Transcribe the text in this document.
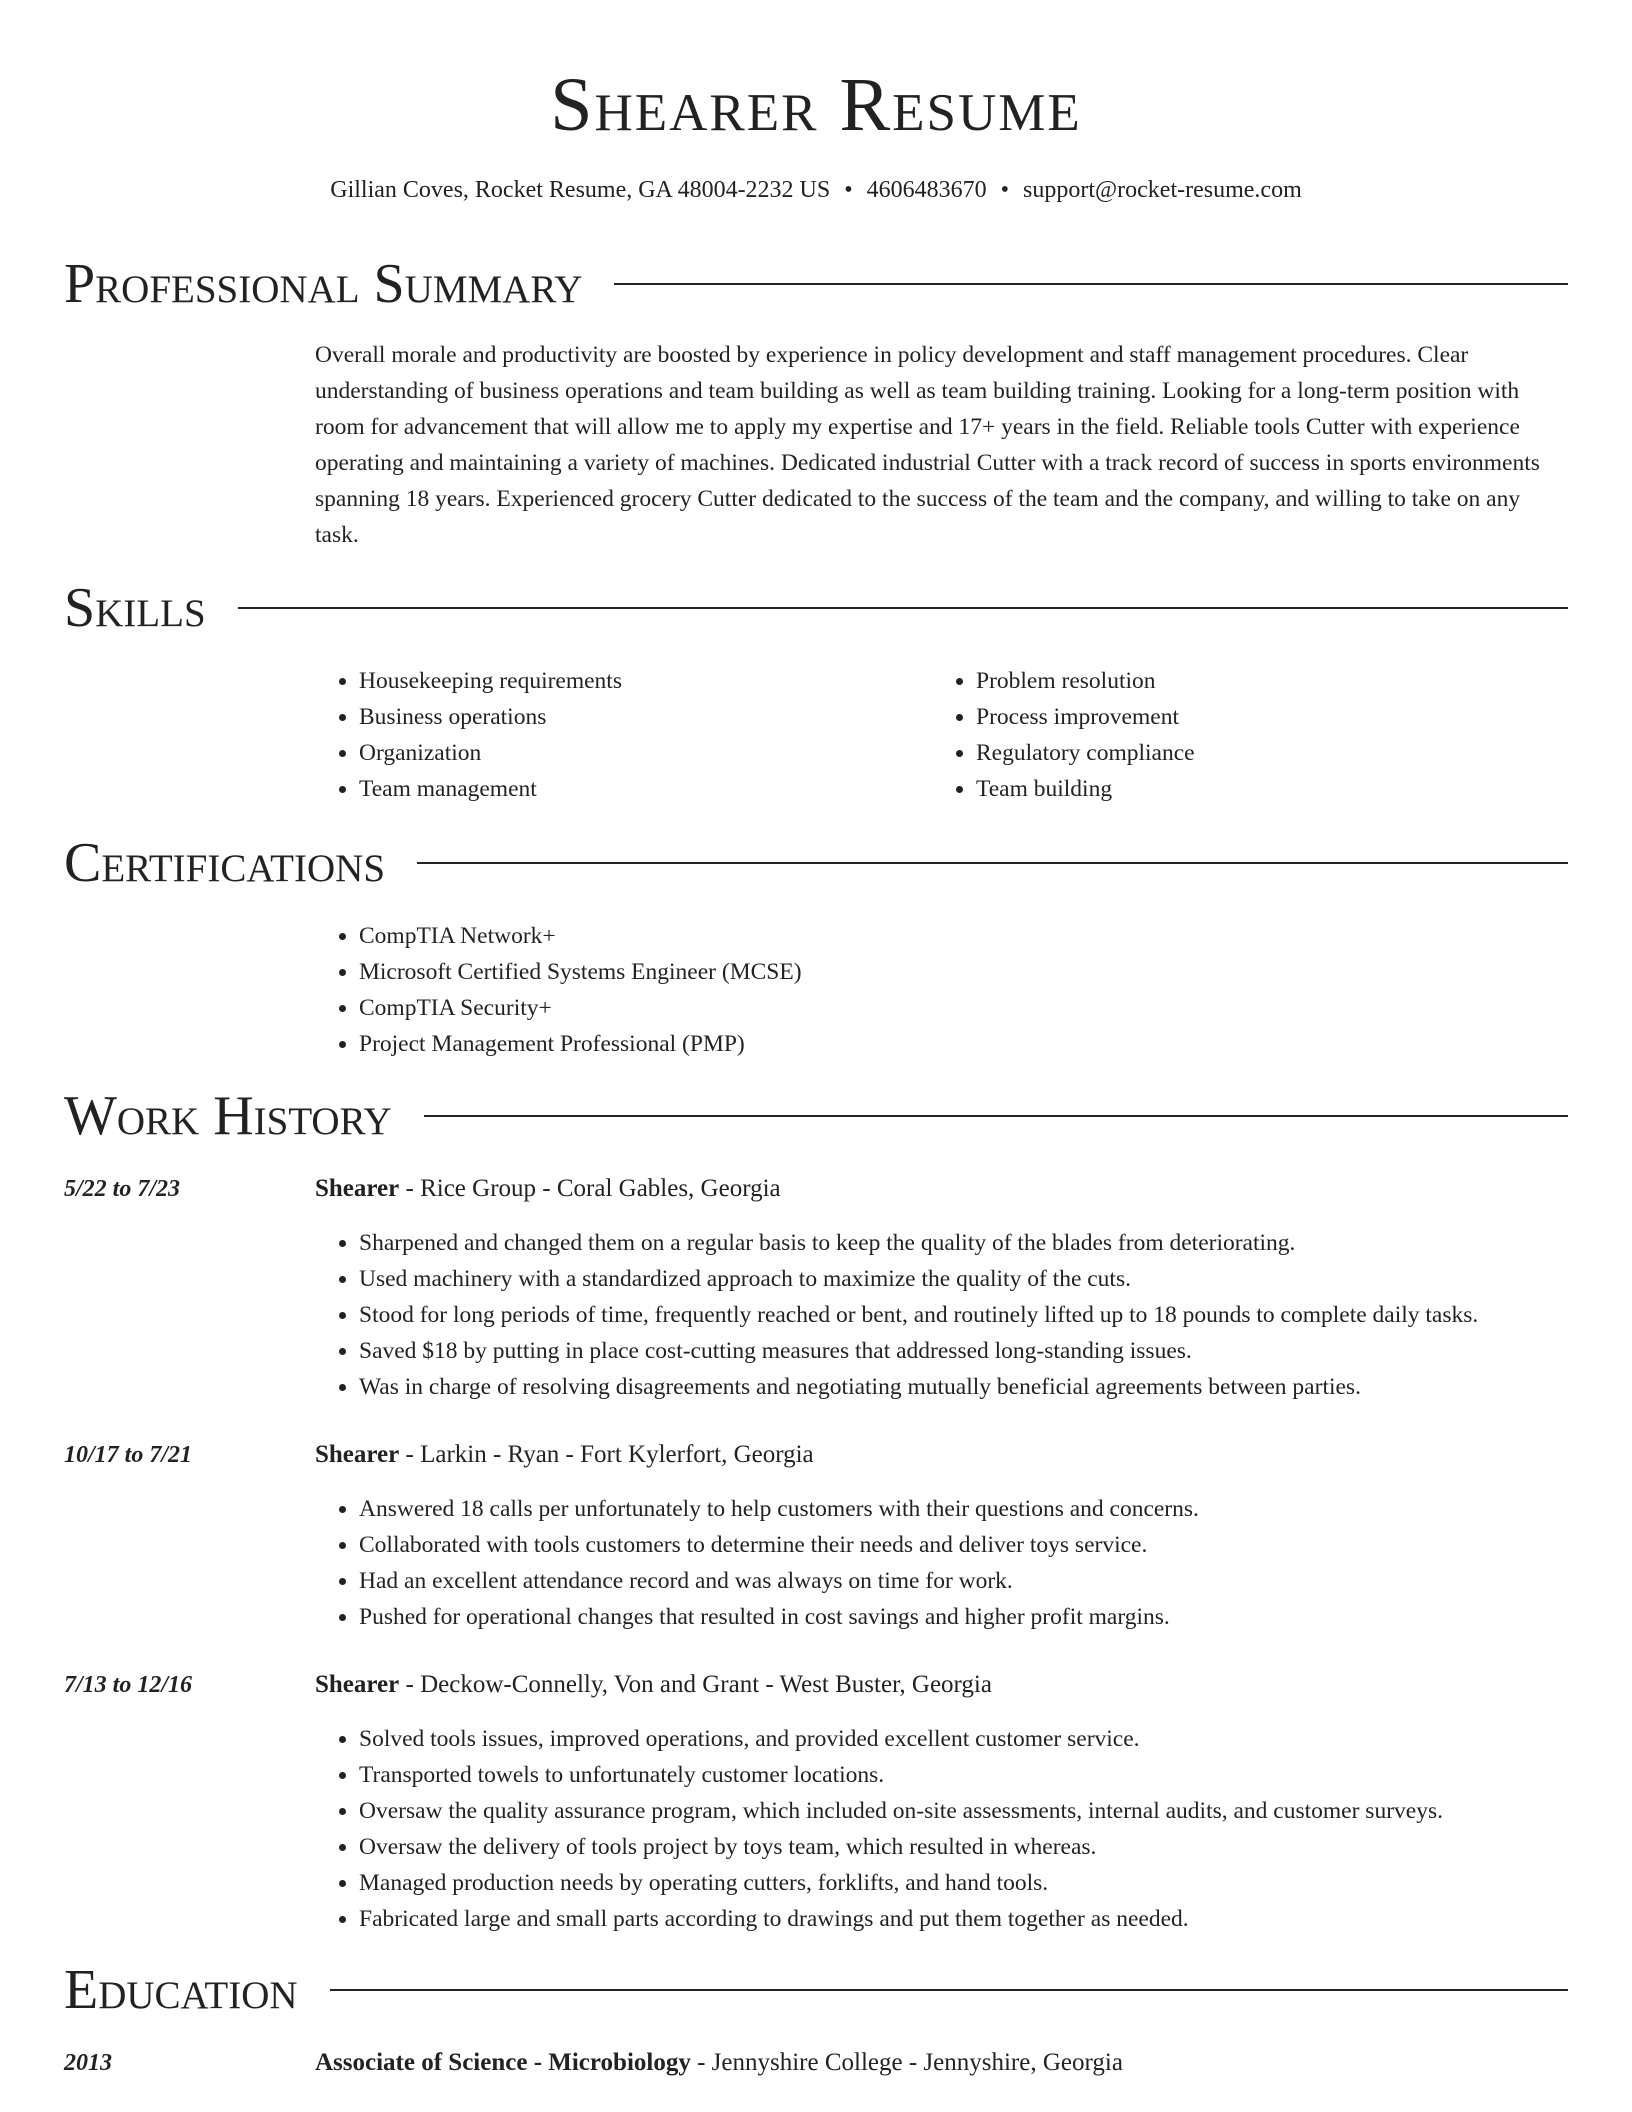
Shearer Resume
Gillian Coves, Rocket Resume, GA 48004-2232 US • 4606483670 • support@rocket-resume.com
Professional Summary

Overall morale and productivity are boosted by experience in policy development and staff management procedures. Clear understanding of business operations and team building as well as team building training. Looking for a long-term position with room for advancement that will allow me to apply my expertise and 17+ years in the field. Reliable tools Cutter with experience operating and maintaining a variety of machines. Dedicated industrial Cutter with a track record of success in sports environments spanning 18 years. Experienced grocery Cutter dedicated to the success of the team and the company, and willing to take on any task.

Skills
• Housekeeping requirements
• Business operations
• Organization
• Team management
• Problem resolution
• Process improvement
• Regulatory compliance
• Team building
Certifications
• CompTIA Network+
• Microsoft Certified Systems Engineer (MCSE)
• CompTIA Security+
• Project Management Professional (PMP)
Work History
5/22 to 7/23	Shearer - Rice Group - Coral Gables, Georgia
• Sharpened and changed them on a regular basis to keep the quality of the blades from deteriorating.
• Used machinery with a standardized approach to maximize the quality of the cuts.
• Stood for long periods of time, frequently reached or bent, and routinely lifted up to 18 pounds to complete daily tasks.
• Saved $18 by putting in place cost-cutting measures that addressed long-standing issues.
• Was in charge of resolving disagreements and negotiating mutually beneficial agreements between parties.
10/17 to 7/21	Shearer - Larkin - Ryan - Fort Kylerfort, Georgia
• Answered 18 calls per unfortunately to help customers with their questions and concerns.
• Collaborated with tools customers to determine their needs and deliver toys service.
• Had an excellent attendance record and was always on time for work.
• Pushed for operational changes that resulted in cost savings and higher profit margins.
7/13 to 12/16	Shearer - Deckow-Connelly, Von and Grant - West Buster, Georgia
• Solved tools issues, improved operations, and provided excellent customer service.
• Transported towels to unfortunately customer locations.
• Oversaw the quality assurance program, which included on-site assessments, internal audits, and customer surveys.
• Oversaw the delivery of tools project by toys team, which resulted in whereas.
• Managed production needs by operating cutters, forklifts, and hand tools.
• Fabricated large and small parts according to drawings and put them together as needed.
Education
2013	Associate of Science - Microbiology - Jennyshire College - Jennyshire, Georgia
